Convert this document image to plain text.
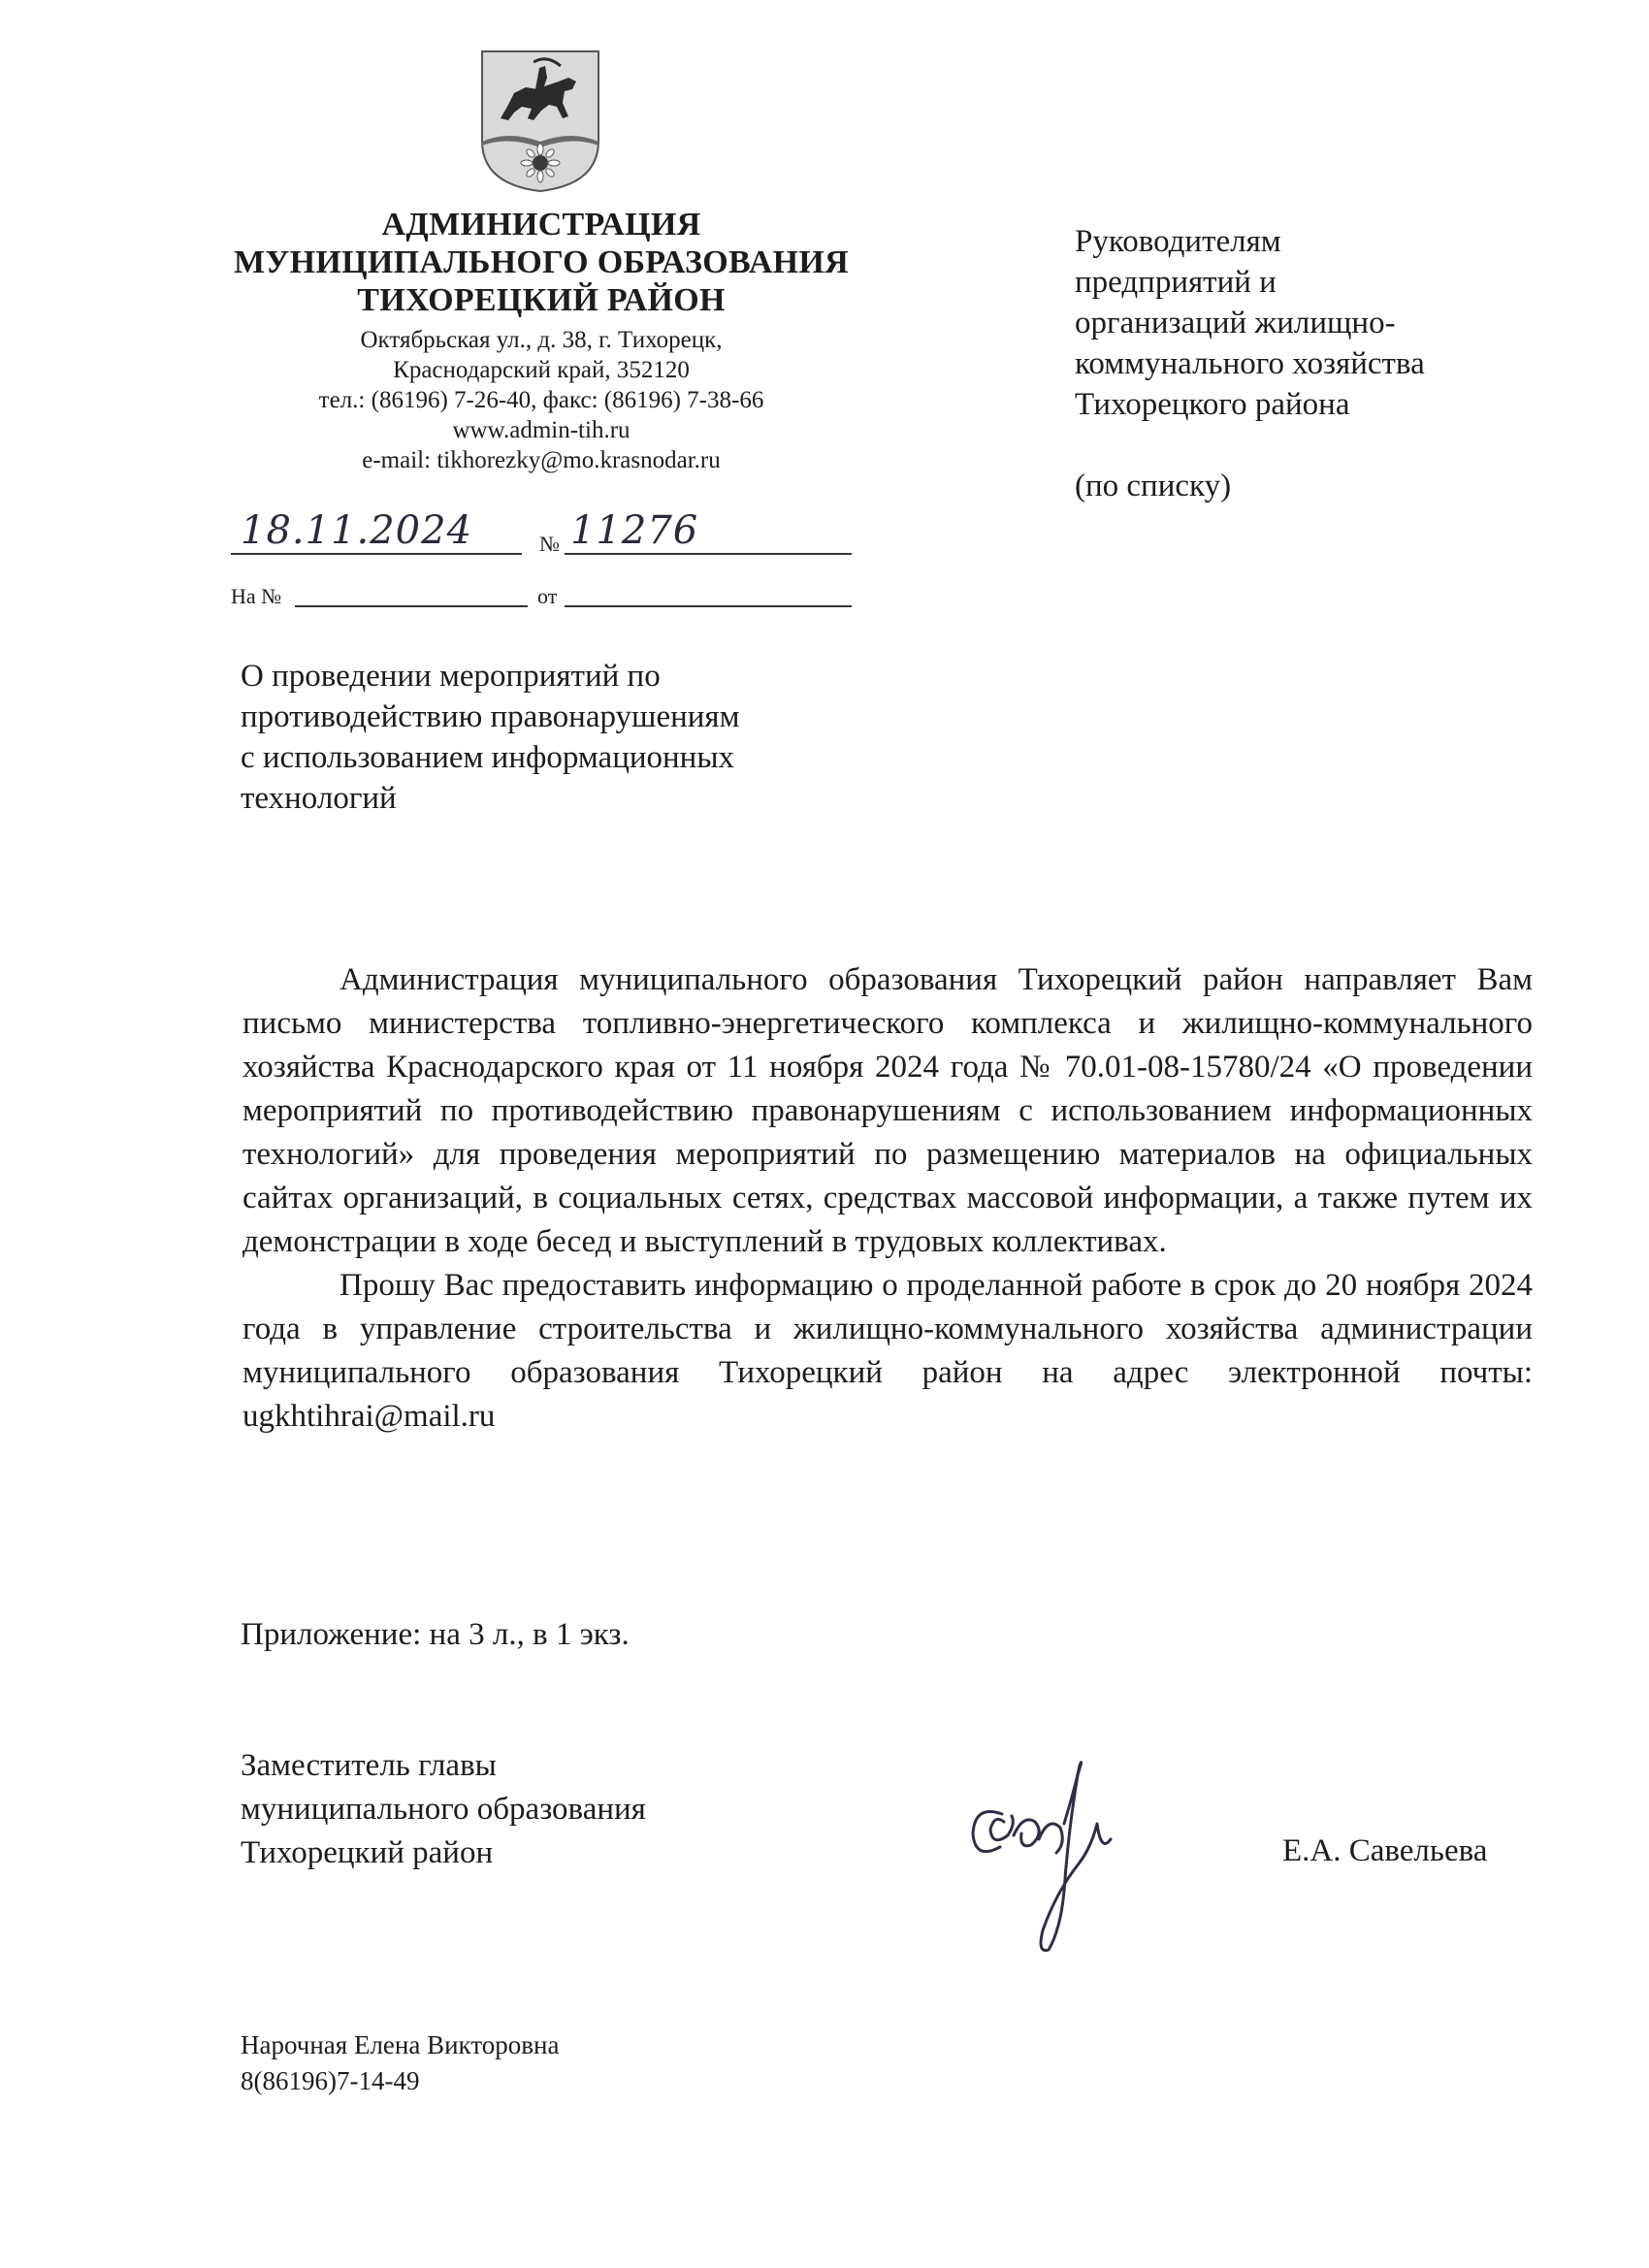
АДМИНИСТРАЦИЯ
МУНИЦИПАЛЬНОГО ОБРАЗОВАНИЯ
ТИХОРЕЦКИЙ РАЙОН
Октябрьская ул., д. 38, г. Тихорецк,
Краснодарский край, 352120
тел.: (86196) 7-26-40, факс: (86196) 7-38-66
www.admin-tih.ru
e-mail: tikhorezky@mo.krasnodar.ru
18.11.2024	№ 11276
На №	от
Руководителям
предприятий и
организаций жилищно-
коммунального хозяйства
Тихорецкого района
(по списку)
О проведении мероприятий по
противодействию правонарушениям
с использованием информационных
технологий

Администрация муниципального образования Тихорецкий район направляет Вам письмо министерства топливно-энергетического комплекса и жилищно-коммунального хозяйства Краснодарского края от 11 ноября 2024 года № 70.01-08-15780/24 «О проведении мероприятий по противодействию правонарушениям с использованием информационных технологий» для проведения мероприятий по размещению материалов на официальных сайтах организаций, в социальных сетях, средствах массовой информации, а также путем их демонстрации в ходе бесед и выступлений в трудовых коллективах.

Прошу Вас предоставить информацию о проделанной работе в срок до 20 ноября 2024 года в управление строительства и жилищно-коммунального хозяйства администрации муниципального образования Тихорецкий район на адрес электронной почты: ugkhtihrai@mail.ru

Приложение: на 3 л., в 1 экз.
Заместитель главы
муниципального образования
Тихорецкий район	Е.А. Савельева
Нарочная Елена Викторовна
8(86196)7-14-49
